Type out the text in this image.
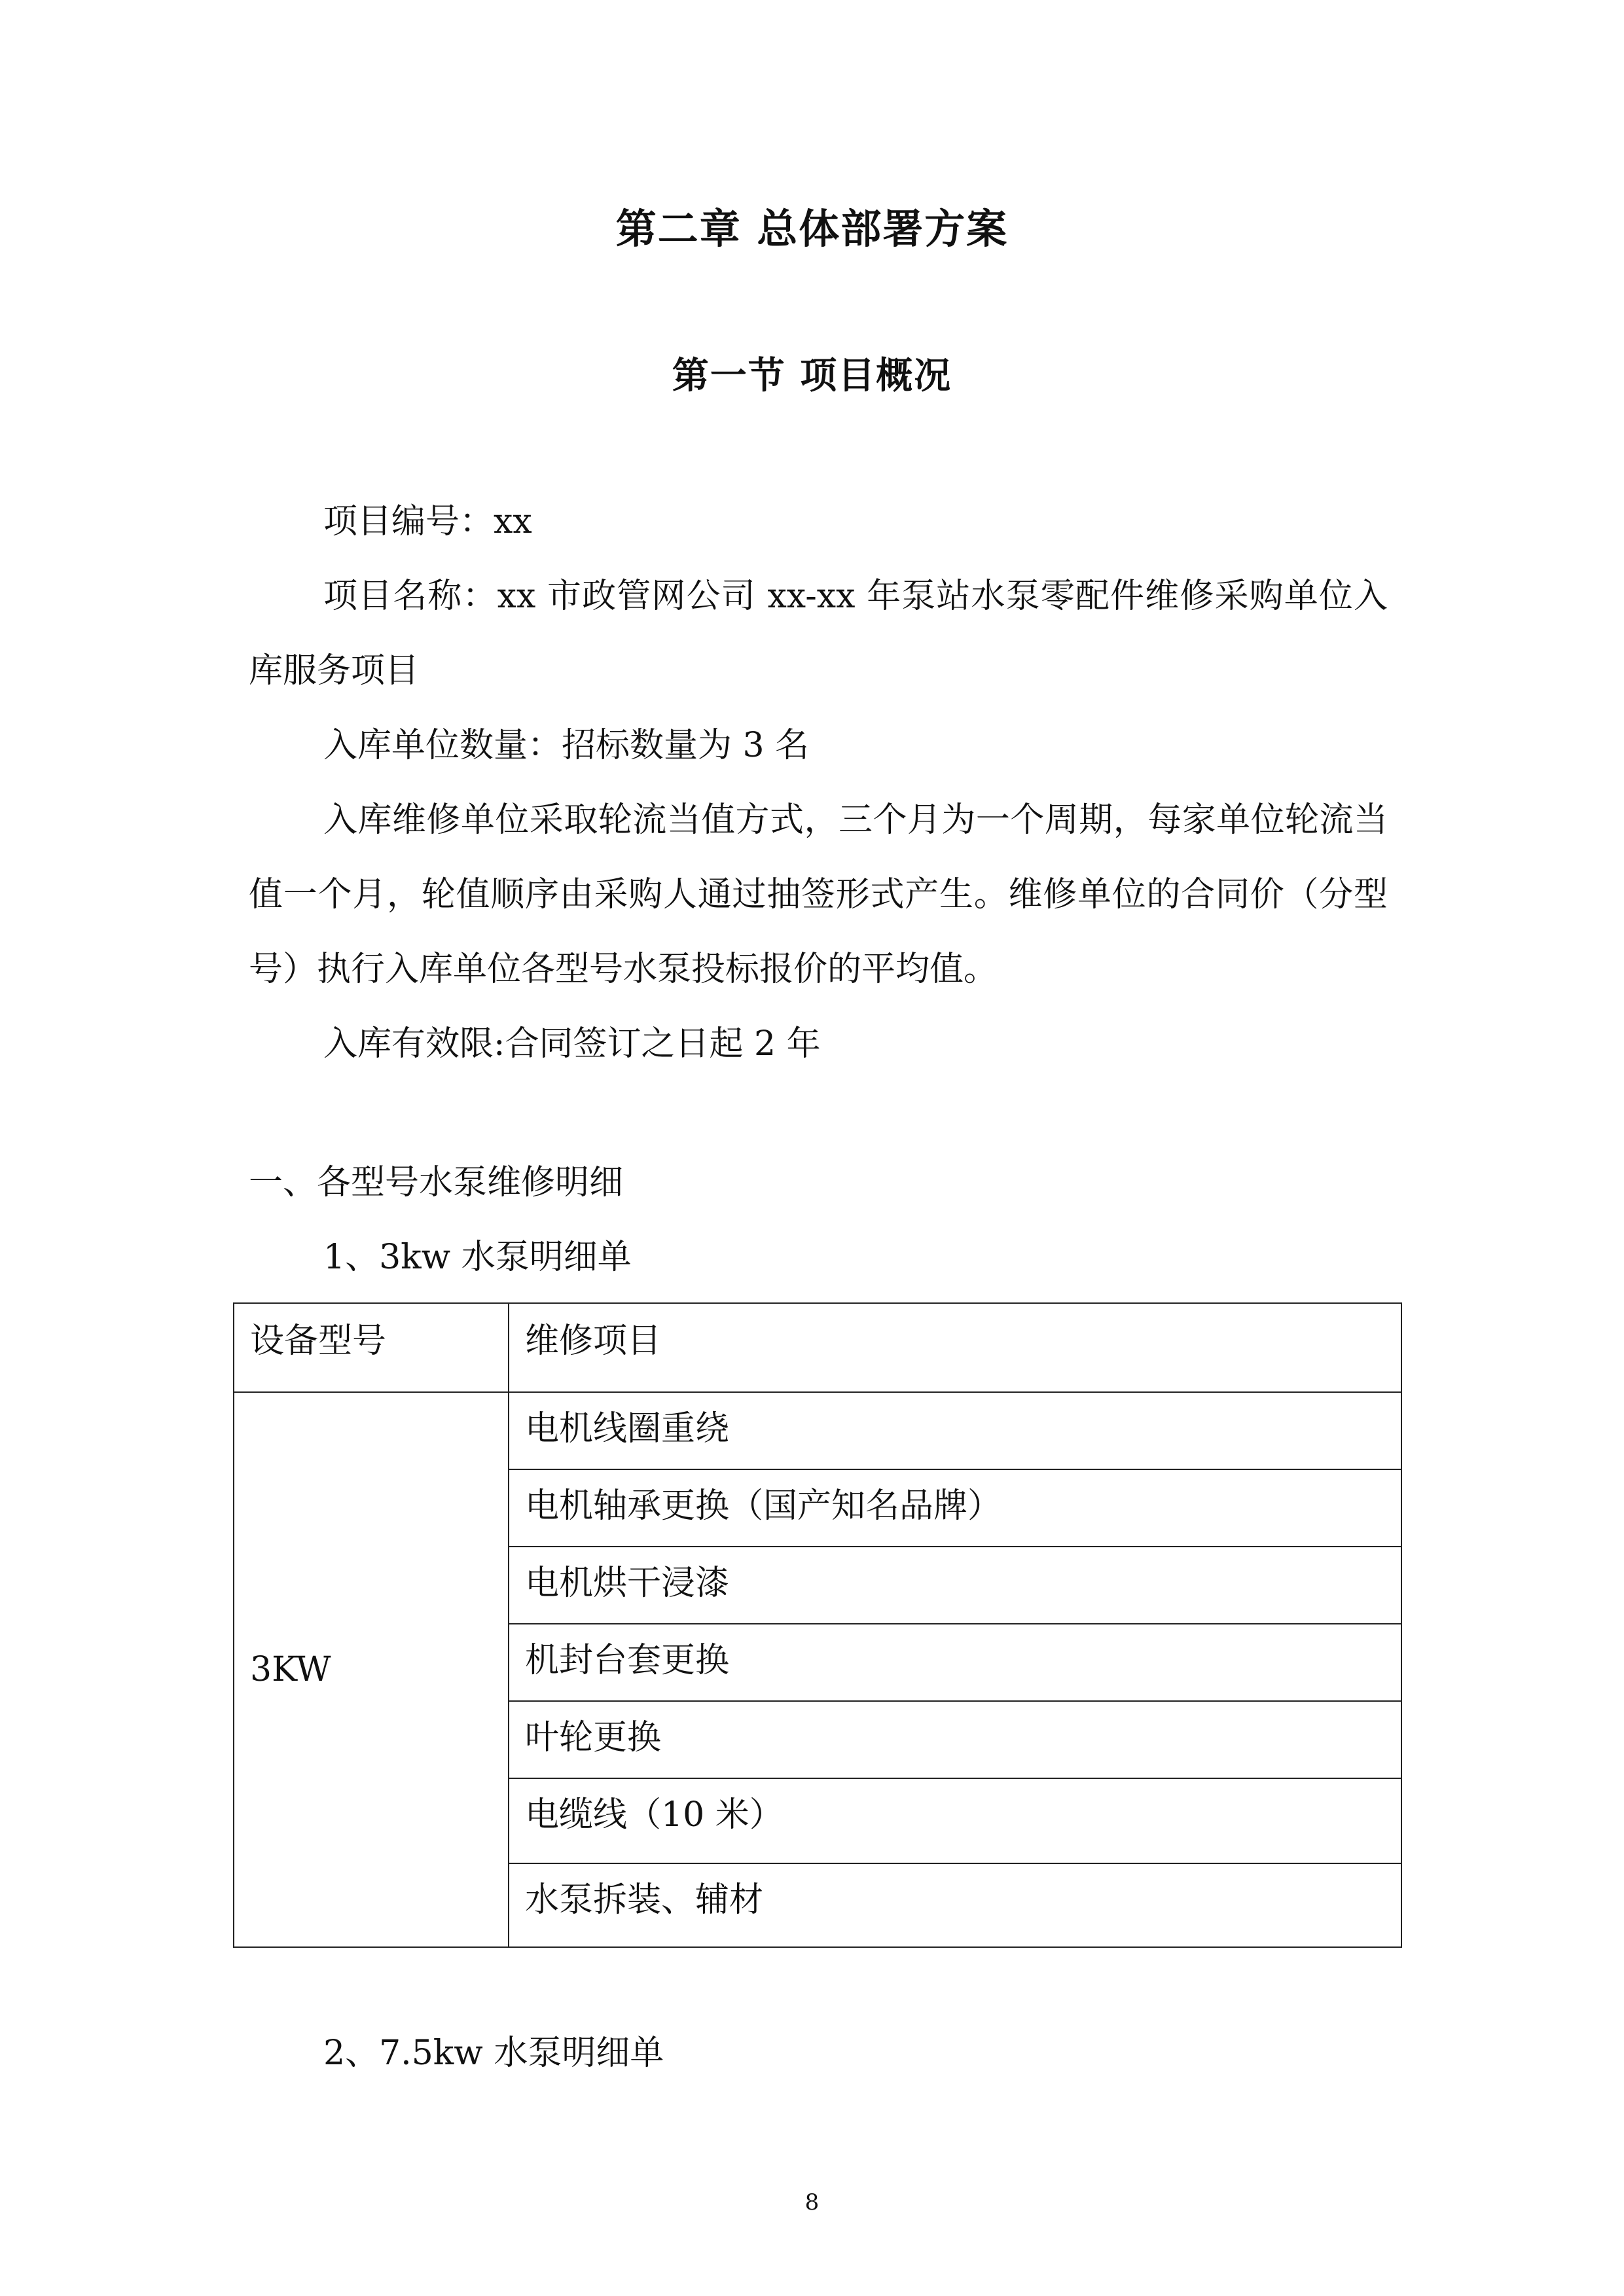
第二章 总体部署方案
第一节 项目概况

项目编号：xx

项目名称：xx 市政管网公司 xx-xx 年泵站水泵零配件维修采购单位入库服务项目

入库单位数量：招标数量为 3 名

入库维修单位采取轮流当值方式，三个月为一个周期，每家单位轮流当值一个月，轮值顺序由采购人通过抽签形式产生。维修单位的合同价（分型号）执行入库单位各型号水泵投标报价的平均值。

入库有效限:合同签订之日起 2 年

一、各型号水泵维修明细
1、3kw 水泵明细单
设备型号	维修项目
3KW	电机线圈重绕
	电机轴承更换（国产知名品牌）
	电机烘干浸漆
	机封台套更换
	叶轮更换
	电缆线（10 米）
	水泵拆装、辅材
2、7.5kw 水泵明细单
8
